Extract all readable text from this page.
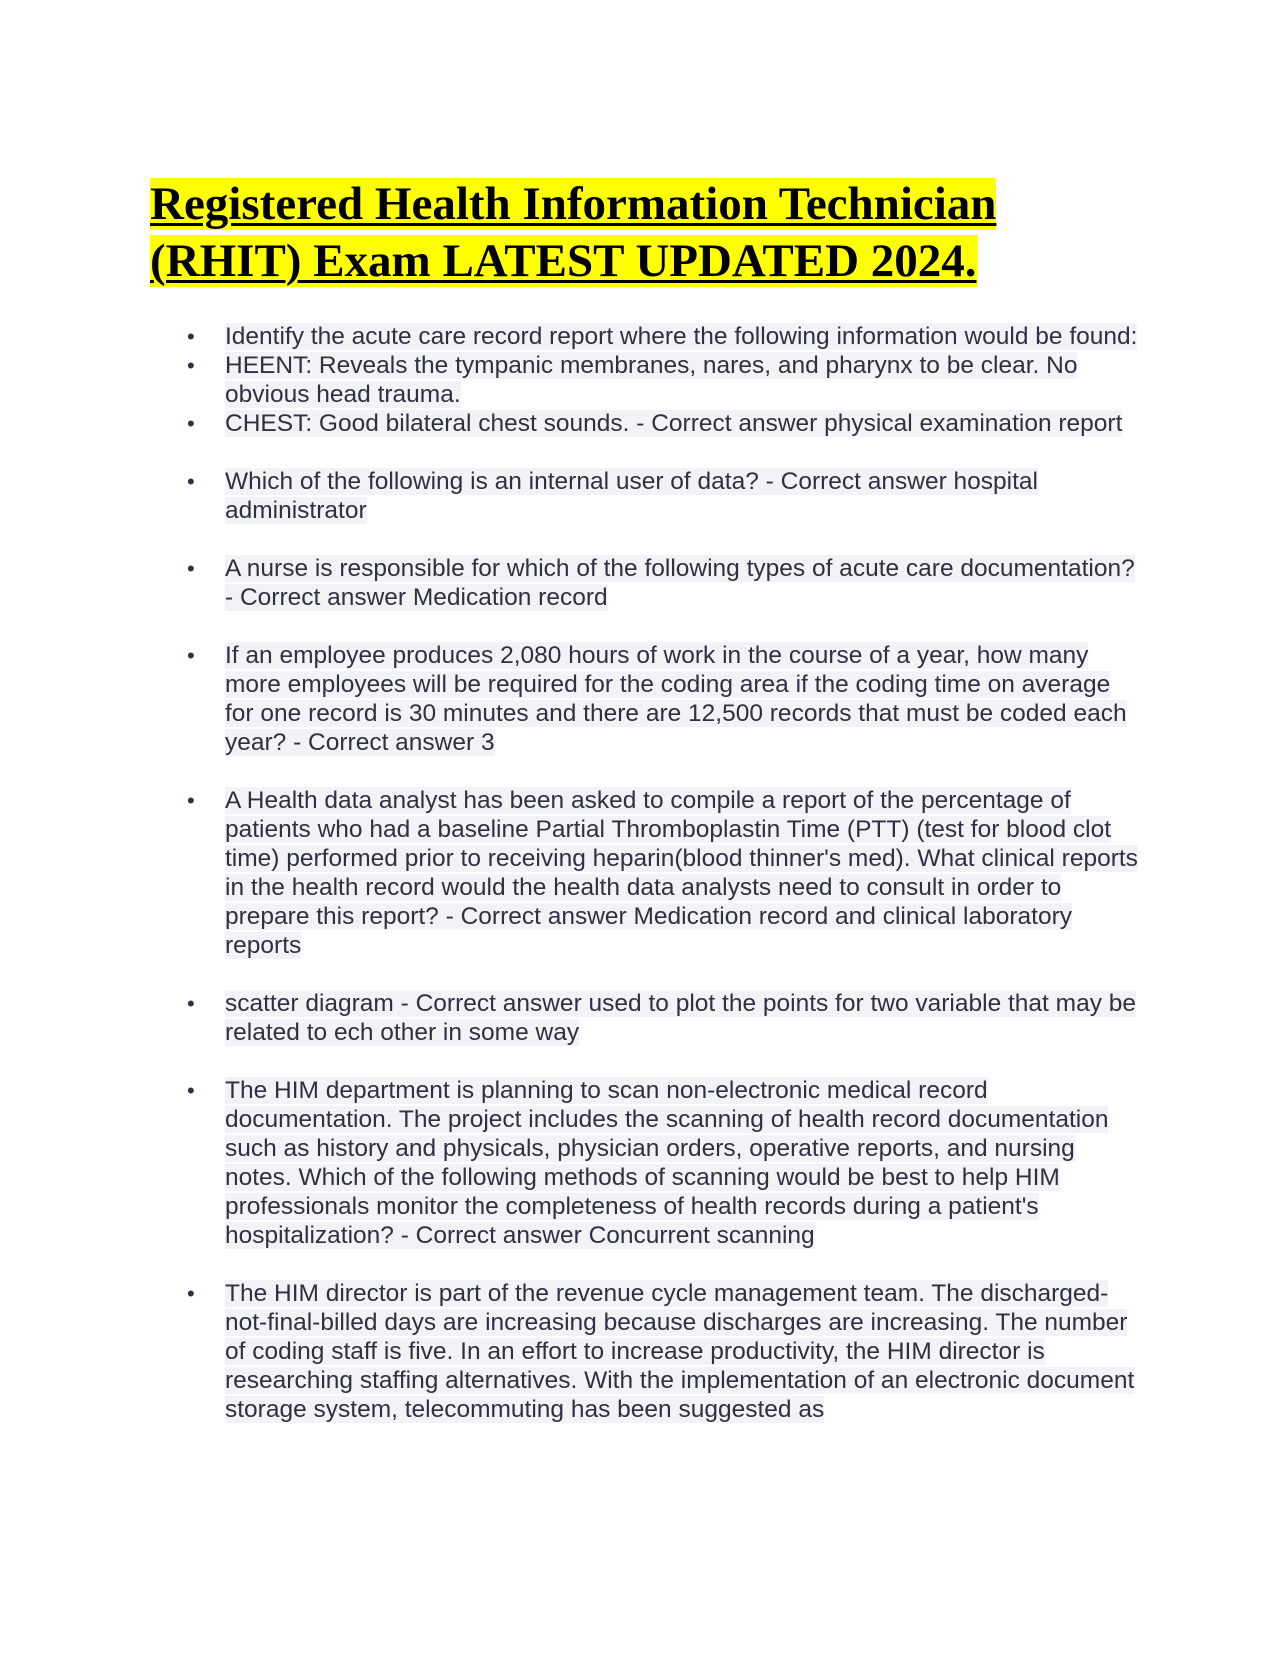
Registered Health Information Technician (RHIT) Exam LATEST UPDATED 2024.
• Identify the acute care record report where the following information would be found:
• HEENT: Reveals the tympanic membranes, nares, and pharynx to be clear. No obvious head trauma.
• CHEST: Good bilateral chest sounds. - Correct answer physical examination report
• Which of the following is an internal user of data? - Correct answer hospital administrator
• A nurse is responsible for which of the following types of acute care documentation? - Correct answer Medication record
• If an employee produces 2,080 hours of work in the course of a year, how many more employees will be required for the coding area if the coding time on average for one record is 30 minutes and there are 12,500 records that must be coded each year? - Correct answer 3
• A Health data analyst has been asked to compile a report of the percentage of patients who had a baseline Partial Thromboplastin Time (PTT) (test for blood clot time) performed prior to receiving heparin(blood thinner's med). What clinical reports in the health record would the health data analysts need to consult in order to prepare this report? - Correct answer Medication record and clinical laboratory reports
• scatter diagram - Correct answer used to plot the points for two variable that may be related to ech other in some way
• The HIM department is planning to scan non-electronic medical record documentation. The project includes the scanning of health record documentation such as history and physicals, physician orders, operative reports, and nursing notes. Which of the following methods of scanning would be best to help HIM professionals monitor the completeness of health records during a patient's hospitalization? - Correct answer Concurrent scanning
• The HIM director is part of the revenue cycle management team. The discharged-not-final-billed days are increasing because discharges are increasing. The number of coding staff is five. In an effort to increase productivity, the HIM director is researching staffing alternatives. With the implementation of an electronic document storage system, telecommuting has been suggested as
